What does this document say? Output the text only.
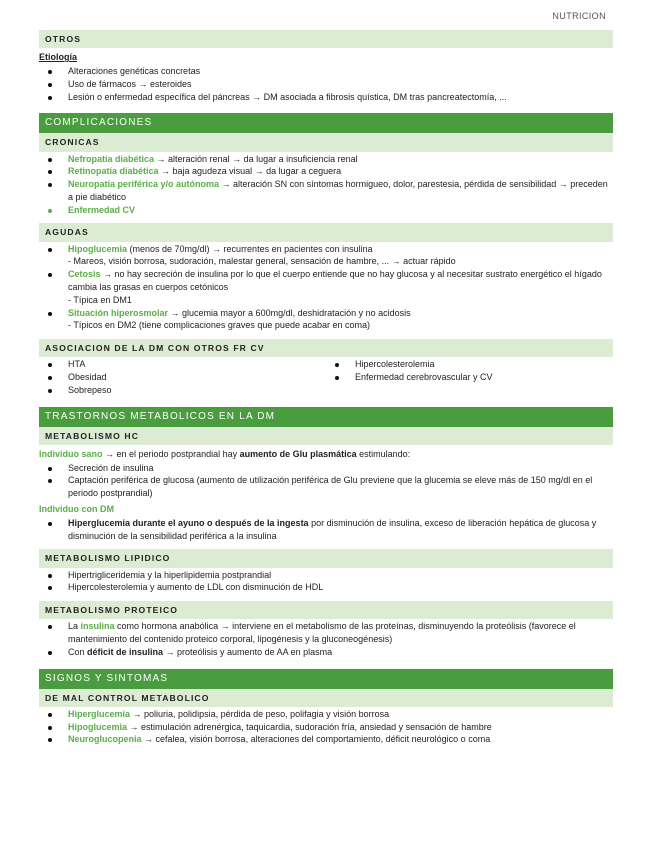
NUTRICION
OTROS
Etiología
Alteraciones genéticas concretas
Uso de fármacos → esteroides
Lesión o enfermedad específica del páncreas → DM asociada a fibrosis quística, DM tras pancreatectomía, ...
COMPLICACIONES
CRONICAS
Nefropatía diabética → alteración renal → da lugar a insuficiencia renal
Retinopatía diabética → baja agudeza visual → da lugar a ceguera
Neuropatía periférica y/o autónoma → alteración SN con síntomas hormigueo, dolor, parestesia, pérdida de sensibilidad → preceden a pie diabético
Enfermedad CV
AGUDAS
Hipoglucemia (menos de 70mg/dl) → recurrentes en pacientes con insulina
- Mareos, visión borrosa, sudoración, malestar general, sensación de hambre, ... → actuar rápido
Cetosis → no hay secreción de insulina por lo que el cuerpo entiende que no hay glucosa y al necesitar sustrato energético el hígado cambia las grasas en cuerpos cetónicos
- Típica en DM1
Situación hiperosmolar → glucemia mayor a 600mg/dl, deshidratación y no acidosis
- Típicos en DM2 (tiene complicaciones graves que puede acabar en coma)
ASOCIACION DE LA DM CON OTROS FR CV
HTA
Obesidad
Sobrepeso
Hipercolesterolemia
Enfermedad cerebrovascular y CV
TRASTORNOS METABOLICOS EN LA DM
METABOLISMO HC
Individuo sano → en el periodo postprandial hay aumento de Glu plasmática estimulando:
Secreción de insulina
Captación periférica de glucosa (aumento de utilización periférica de Glu previene que la glucemia se eleve más de 150 mg/dl en el periodo postprandial)
Individuo con DM
Hiperglucemia durante el ayuno o después de la ingesta por disminución de insulina, exceso de liberación hepática de glucosa y disminución de la sensibilidad periférica a la insulina
METABOLISMO LIPIDICO
Hipertrigliceridemia y la hiperlipidemia postprandial
Hipercolesterolemia y aumento de LDL con disminución de HDL
METABOLISMO PROTEICO
La insulina como hormona anabólica → interviene en el metabolismo de las proteínas, disminuyendo la proteólisis (favorece el mantenimiento del contenido proteico corporal, lipogénesis y la gluconeogénesis)
Con déficit de insulina → proteólisis y aumento de AA en plasma
SIGNOS Y SINTOMAS
DE MAL CONTROL METABOLICO
Hiperglucemia → poliuria, polidipsia, pérdida de peso, polifagia y visión borrosa
Hipoglucemia → estimulación adrenérgica, taquicardia, sudoración fría, ansiedad y sensación de hambre
Neuroglucopenia → cefalea, visión borrosa, alteraciones del comportamiento, déficit neurológico o coma
